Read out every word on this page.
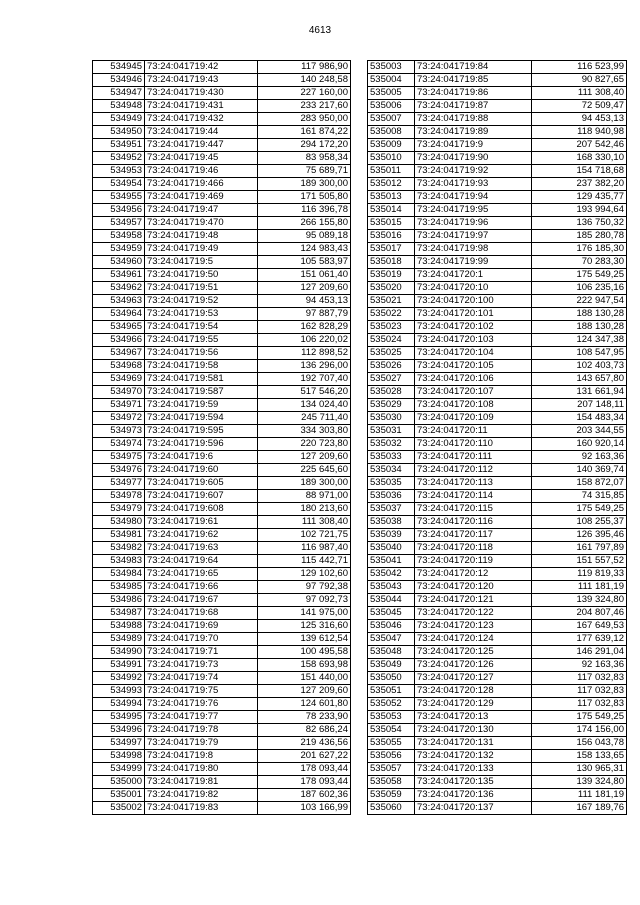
4613
534945	73:24:041719:42	117 986,90
534946	73:24:041719:43	140 248,58
534947	73:24:041719:430	227 160,00
534948	73:24:041719:431	233 217,60
534949	73:24:041719:432	283 950,00
534950	73:24:041719:44	161 874,22
534951	73:24:041719:447	294 172,20
534952	73:24:041719:45	83 958,34
534953	73:24:041719:46	75 689,71
534954	73:24:041719:466	189 300,00
534955	73:24:041719:469	171 505,80
534956	73:24:041719:47	116 396,78
534957	73:24:041719:470	266 155,80
534958	73:24:041719:48	95 089,18
534959	73:24:041719:49	124 983,43
534960	73:24:041719:5	105 583,97
534961	73:24:041719:50	151 061,40
534962	73:24:041719:51	127 209,60
534963	73:24:041719:52	94 453,13
534964	73:24:041719:53	97 887,79
534965	73:24:041719:54	162 828,29
534966	73:24:041719:55	106 220,02
534967	73:24:041719:56	112 898,52
534968	73:24:041719:58	136 296,00
534969	73:24:041719:581	192 707,40
534970	73:24:041719:587	517 546,20
534971	73:24:041719:59	134 024,40
534972	73:24:041719:594	245 711,40
534973	73:24:041719:595	334 303,80
534974	73:24:041719:596	220 723,80
534975	73:24:041719:6	127 209,60
534976	73:24:041719:60	225 645,60
534977	73:24:041719:605	189 300,00
534978	73:24:041719:607	88 971,00
534979	73:24:041719:608	180 213,60
534980	73:24:041719:61	111 308,40
534981	73:24:041719:62	102 721,75
534982	73:24:041719:63	116 987,40
534983	73:24:041719:64	115 442,71
534984	73:24:041719:65	129 102,60
534985	73:24:041719:66	97 792,38
534986	73:24:041719:67	97 092,73
534987	73:24:041719:68	141 975,00
534988	73:24:041719:69	125 316,60
534989	73:24:041719:70	139 612,54
534990	73:24:041719:71	100 495,58
534991	73:24:041719:73	158 693,98
534992	73:24:041719:74	151 440,00
534993	73:24:041719:75	127 209,60
534994	73:24:041719:76	124 601,80
534995	73:24:041719:77	78 233,90
534996	73:24:041719:78	82 686,24
534997	73:24:041719:79	219 436,56
534998	73:24:041719:8	201 627,22
534999	73:24:041719:80	178 093,44
535000	73:24:041719:81	178 093,44
535001	73:24:041719:82	187 602,36
535002	73:24:041719:83	103 166,99
535003	73:24:041719:84	116 523,99
535004	73:24:041719:85	90 827,65
535005	73:24:041719:86	111 308,40
535006	73:24:041719:87	72 509,47
535007	73:24:041719:88	94 453,13
535008	73:24:041719:89	118 940,98
535009	73:24:041719:9	207 542,46
535010	73:24:041719:90	168 330,10
535011	73:24:041719:92	154 718,68
535012	73:24:041719:93	237 382,20
535013	73:24:041719:94	129 435,77
535014	73:24:041719:95	193 994,64
535015	73:24:041719:96	136 750,32
535016	73:24:041719:97	185 280,78
535017	73:24:041719:98	176 185,30
535018	73:24:041719:99	70 283,30
535019	73:24:041720:1	175 549,25
535020	73:24:041720:10	106 235,16
535021	73:24:041720:100	222 947,54
535022	73:24:041720:101	188 130,28
535023	73:24:041720:102	188 130,28
535024	73:24:041720:103	124 347,38
535025	73:24:041720:104	108 547,95
535026	73:24:041720:105	102 403,73
535027	73:24:041720:106	143 657,80
535028	73:24:041720:107	131 661,94
535029	73:24:041720:108	207 148,11
535030	73:24:041720:109	154 483,34
535031	73:24:041720:11	203 344,55
535032	73:24:041720:110	160 920,14
535033	73:24:041720:111	92 163,36
535034	73:24:041720:112	140 369,74
535035	73:24:041720:113	158 872,07
535036	73:24:041720:114	74 315,85
535037	73:24:041720:115	175 549,25
535038	73:24:041720:116	108 255,37
535039	73:24:041720:117	126 395,46
535040	73:24:041720:118	161 797,89
535041	73:24:041720:119	151 557,52
535042	73:24:041720:12	119 819,33
535043	73:24:041720:120	111 181,19
535044	73:24:041720:121	139 324,80
535045	73:24:041720:122	204 807,46
535046	73:24:041720:123	167 649,53
535047	73:24:041720:124	177 639,12
535048	73:24:041720:125	146 291,04
535049	73:24:041720:126	92 163,36
535050	73:24:041720:127	117 032,83
535051	73:24:041720:128	117 032,83
535052	73:24:041720:129	117 032,83
535053	73:24:041720:13	175 549,25
535054	73:24:041720:130	174 156,00
535055	73:24:041720:131	156 043,78
535056	73:24:041720:132	158 133,65
535057	73:24:041720:133	130 965,31
535058	73:24:041720:135	139 324,80
535059	73:24:041720:136	111 181,19
535060	73:24:041720:137	167 189,76
